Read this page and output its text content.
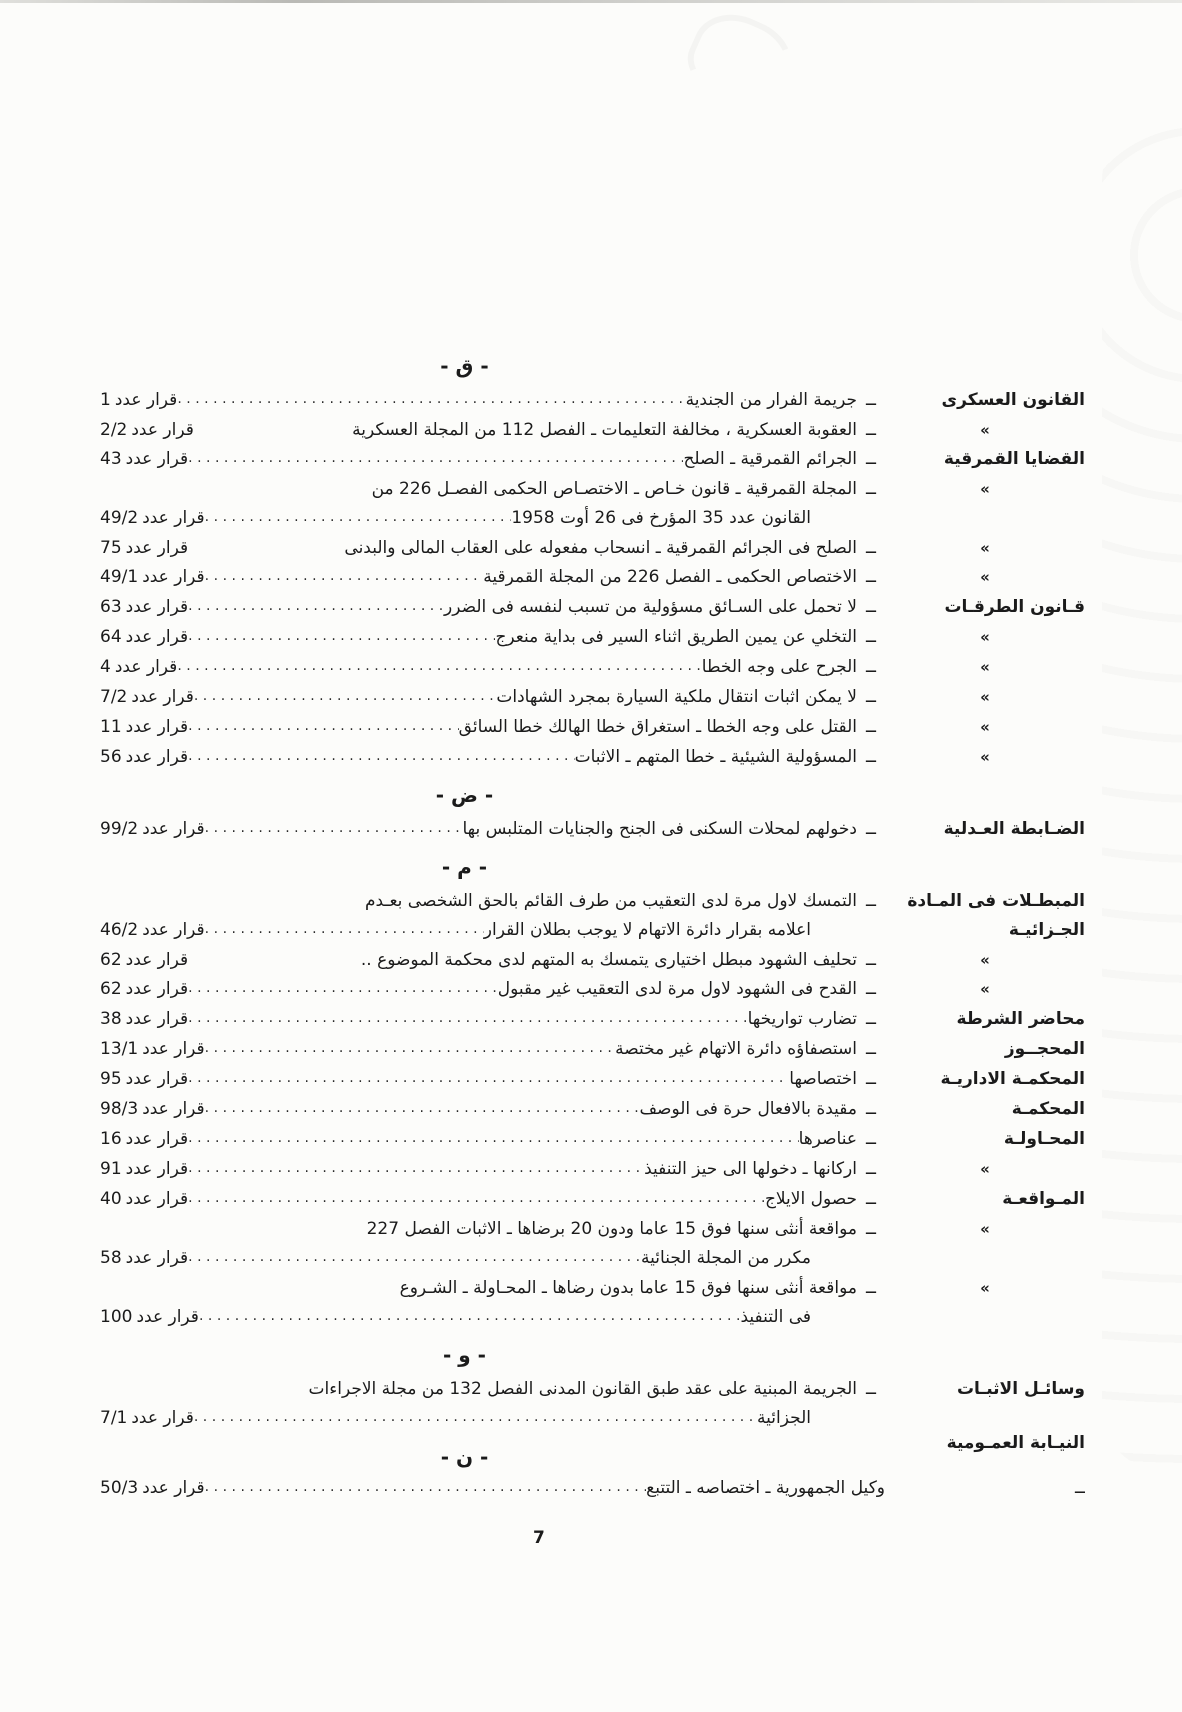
- ق -
القانون العسكرى
ــ
جريمة الفرار من الجندية
.....
قرار عدد1
»
ــ
العقوبة العسكرية ، مخالفة التعليمات ـ الفصل 112 من المجلة العسكرية
قرار عدد2/2
القضايا القمرقية
ــ
الجرائم القمرقية ـ الصلح
.....
قرار عدد43
»
ــ
المجلة القمرقية ـ قانون خـاص ـ الاختصـاص الحكمى الفصـل 226 من
القانون عدد 35 المؤرخ فى 26 أوت 1958
.....
قرار عدد49/2
»
ــ
الصلح فى الجرائم القمرقية ـ انسحاب مفعوله على العقاب المالى والبدنى
قرار عدد75
»
ــ
الاختصاص الحكمى ـ الفصل 226 من المجلة القمرقية
.....
قرار عدد49/1
قـانون الطرقـات
ــ
لا تحمل على السـائق مسؤولية من تسبب لنفسه فى الضرر
.....
قرار عدد63
»
ــ
التخلي عن يمين الطريق اثناء السير فى بداية منعرج
.....
قرار عدد64
»
ــ
الجرح على وجه الخطا
.....
قرار عدد4
»
ــ
لا يمكن اثبات انتقال ملكية السيارة بمجرد الشهادات
.....
قرار عدد7/2
»
ــ
القتل على وجه الخطا ـ استغراق خطا الهالك خطا السائق
.....
قرار عدد11
»
ــ
المسؤولية الشيئية ـ خطا المتهم ـ الاثبات
.....
قرار عدد56
- ض -
الضـابطة العـدلية
ــ
دخولهم لمحلات السكنى فى الجنح والجنايات المتلبس بها
.....
قرار عدد99/2
- م -
المبطـلات فى المـادة
ــ
التمسك لاول مرة لدى التعقيب من طرف القائم بالحق الشخصى بعـدم
الجـزائيـة
اعلامه بقرار دائرة الاتهام لا يوجب بطلان القرار
.....
قرار عدد46/2
»
ــ
تحليف الشهود مبطل اختيارى يتمسك به المتهم لدى محكمة الموضوع ..
قرار عدد62
»
ــ
القدح فى الشهود لاول مرة لدى التعقيب غير مقبول
.....
قرار عدد62
محاضر الشرطة
ــ
تضارب تواريخها
.....
قرار عدد38
المحجــوز
ــ
استصفاؤه دائرة الاتهام غير مختصة
.....
قرار عدد13/1
المحكمـة الاداريـة
ــ
اختصاصها
.....
قرار عدد95
المحكمـة
ــ
مقيدة بالافعال حرة فى الوصف
.....
قرار عدد98/3
المحـاولـة
ــ
عناصرها
.....
قرار عدد16
»
ــ
اركانها ـ دخولها الى حيز التنفيذ
.....
قرار عدد91
المـواقعـة
ــ
حصول الايلاج
.....
قرار عدد40
»
ــ
مواقعة أنثى سنها فوق 15 عاما ودون 20 برضاها ـ الاثبات الفصل 227
مكرر من المجلة الجنائية
.....
قرار عدد58
»
ــ
مواقعة أنثى سنها فوق 15 عاما بدون رضاها ـ المحـاولة ـ الشـروع
فى التنفيذ
.....
قرار عدد100
- و -
وسائـل الاثبـات
ــ
الجريمة المبنية على عقد طبق القانون المدنى الفصل 132 من مجلة الاجراءات
الجزائية
.....
قرار عدد7/1
النيـابة العمـومية
- ن -
ــ
وكيل الجمهورية ـ اختصاصه ـ التتبع
.....
قرار عدد50/3
7
